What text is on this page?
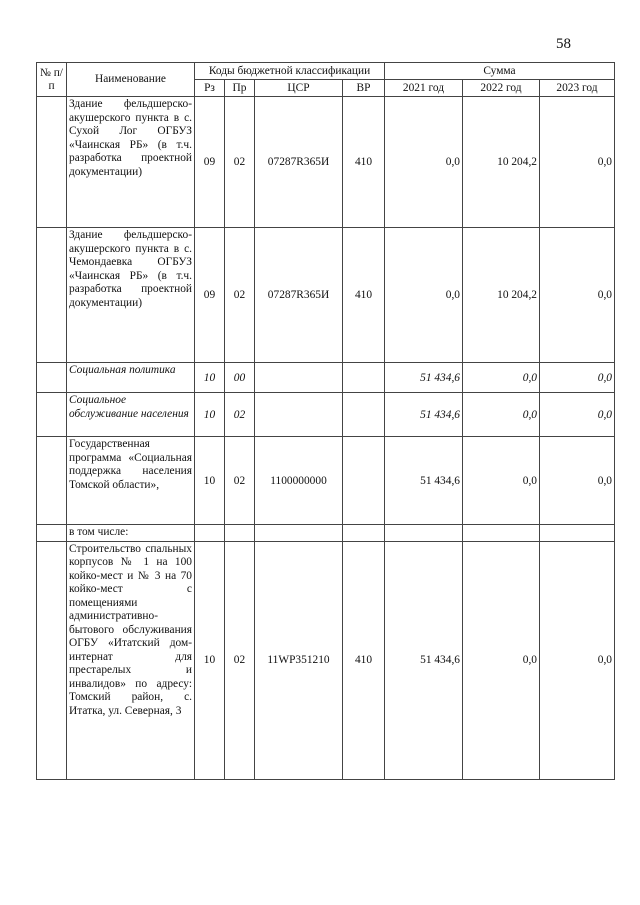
58
№ п/п	Наименование	Коды бюджетной классификации				Сумма		
		Рз	Пр	ЦСР	ВР	2021 год	2022 год	2023 год
	Здание фельдшерско-акушерского пункта в с. Сухой Лог ОГБУЗ «Чаинская РБ» (в т.ч. разработка проектной документации)	09	02	07287R365И	410	0,0	10 204,2	0,0
	Здание фельдшерско-акушерского пункта в с. Чемондаевка ОГБУЗ «Чаинская РБ» (в т.ч. разработка проектной документации)	09	02	07287R365И	410	0,0	10 204,2	0,0
	Социальная политика	10	00			51 434,6	0,0	0,0
	Социальное обслуживание населения	10	02			51 434,6	0,0	0,0
	Государственная программа «Социальная поддержка населения Томской области»,	10	02	1100000000		51 434,6	0,0	0,0
	в том числе:							
	Строительство спальных корпусов № 1 на 100 койко-мест и № 3 на 70 койко-мест с помещениями административно-бытового обслуживания ОГБУ «Итатский дом-интернат для престарелых и инвалидов» по адресу: Томский район, с. Итатка, ул. Северная, 3	10	02	11WP351210	410	51 434,6	0,0	0,0
